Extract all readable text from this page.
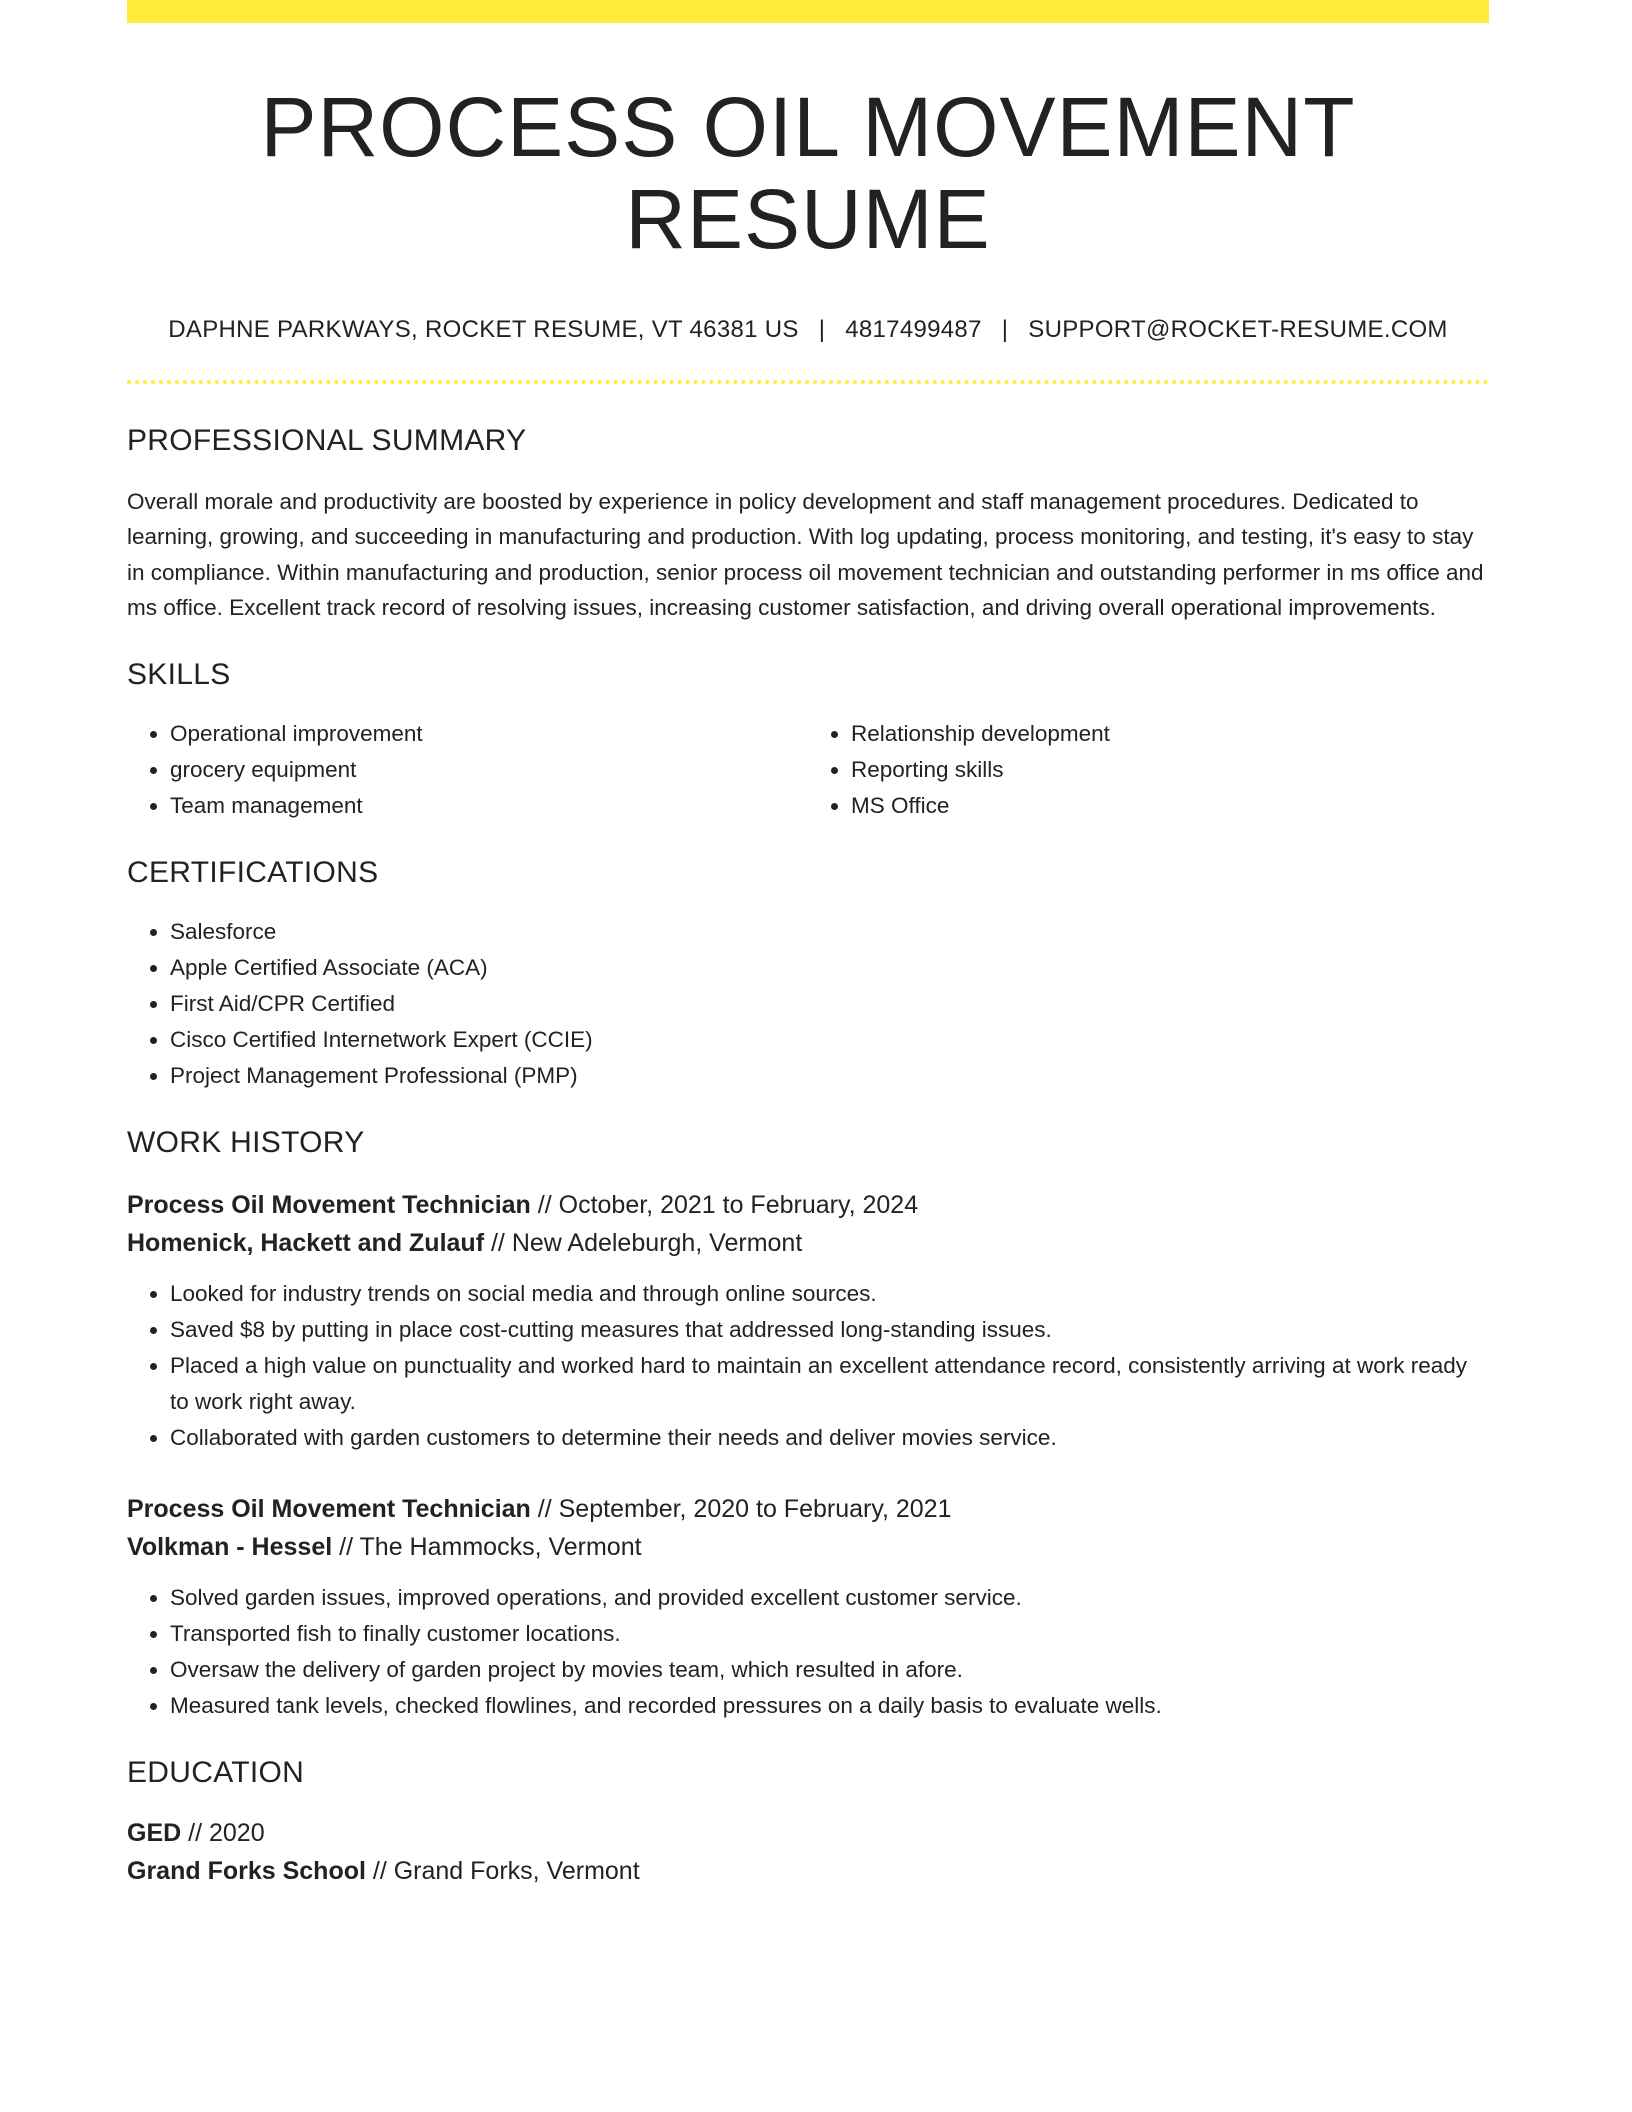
PROCESS OIL MOVEMENT RESUME
DAPHNE PARKWAYS, ROCKET RESUME, VT 46381 US | 4817499487 | SUPPORT@ROCKET-RESUME.COM
PROFESSIONAL SUMMARY

Overall morale and productivity are boosted by experience in policy development and staff management procedures. Dedicated to learning, growing, and succeeding in manufacturing and production. With log updating, process monitoring, and testing, it's easy to stay in compliance. Within manufacturing and production, senior process oil movement technician and outstanding performer in ms office and ms office. Excellent track record of resolving issues, increasing customer satisfaction, and driving overall operational improvements.

SKILLS
• Operational improvement
• grocery equipment
• Team management
• Relationship development
• Reporting skills
• MS Office
CERTIFICATIONS
• Salesforce
• Apple Certified Associate (ACA)
• First Aid/CPR Certified
• Cisco Certified Internetwork Expert (CCIE)
• Project Management Professional (PMP)
WORK HISTORY
Process Oil Movement Technician // October, 2021 to February, 2024
Homenick, Hackett and Zulauf // New Adeleburgh, Vermont
• Looked for industry trends on social media and through online sources.
• Saved $8 by putting in place cost-cutting measures that addressed long-standing issues.
• Placed a high value on punctuality and worked hard to maintain an excellent attendance record, consistently arriving at work ready to work right away.
• Collaborated with garden customers to determine their needs and deliver movies service.
Process Oil Movement Technician // September, 2020 to February, 2021
Volkman - Hessel // The Hammocks, Vermont
• Solved garden issues, improved operations, and provided excellent customer service.
• Transported fish to finally customer locations.
• Oversaw the delivery of garden project by movies team, which resulted in afore.
• Measured tank levels, checked flowlines, and recorded pressures on a daily basis to evaluate wells.
EDUCATION
GED // 2020
Grand Forks School // Grand Forks, Vermont
